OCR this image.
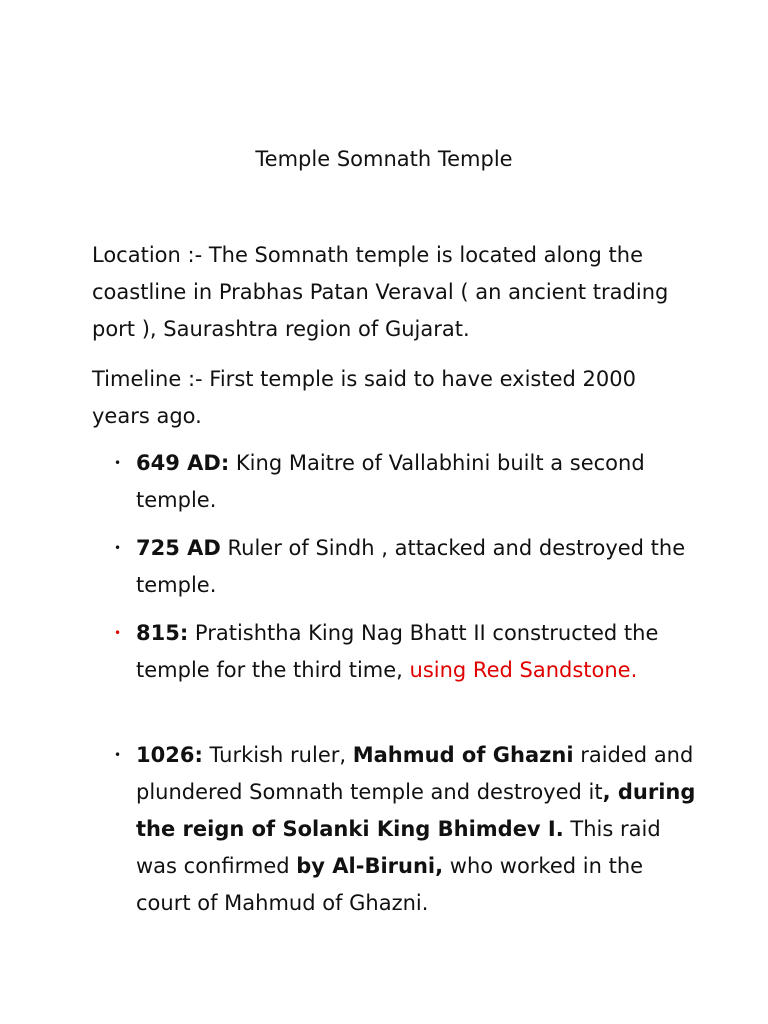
Temple Somnath Temple
Location :- The Somnath temple is located along the coastline in Prabhas Patan Veraval ( an ancient trading port ), Saurashtra region of Gujarat.
Timeline :- First temple is said to have existed 2000 years ago.
• 649 AD: King Maitre of Vallabhini built a second temple.
• 725 AD Ruler of Sindh , attacked and destroyed the temple.
• 815: Pratishtha King Nag Bhatt II constructed the temple for the third time, using Red Sandstone.
• 1026: Turkish ruler, Mahmud of Ghazni raided and plundered Somnath temple and destroyed it, during the reign of Solanki King Bhimdev I. This raid was confirmed by Al-Biruni, who worked in the court of Mahmud of Ghazni.
